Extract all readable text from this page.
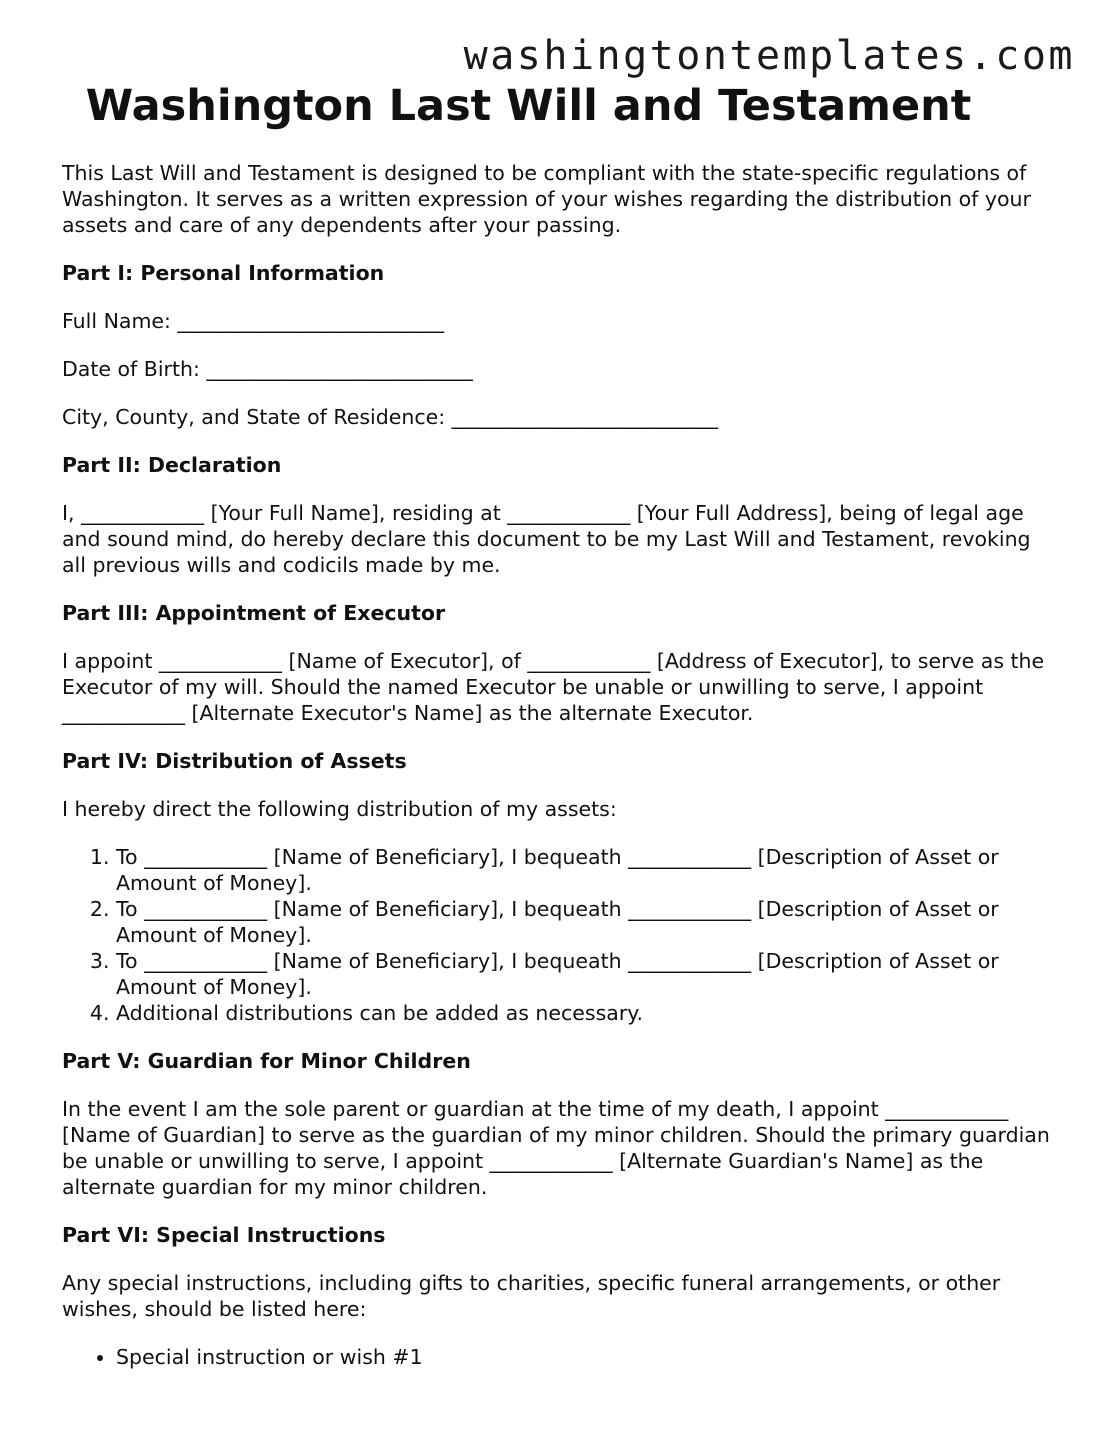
washingtontemplates.com
Washington Last Will and Testament

This Last Will and Testament is designed to be compliant with the state-specific regulations of Washington. It serves as a written expression of your wishes regarding the distribution of your assets and care of any dependents after your passing.

Part I: Personal Information

Full Name: __________________________

Date of Birth: __________________________

City, County, and State of Residence: __________________________

Part II: Declaration

I, ____________ [Your Full Name], residing at ____________ [Your Full Address], being of legal age and sound mind, do hereby declare this document to be my Last Will and Testament, revoking all previous wills and codicils made by me.

Part III: Appointment of Executor

I appoint ____________ [Name of Executor], of ____________ [Address of Executor], to serve as the Executor of my will. Should the named Executor be unable or unwilling to serve, I appoint ____________ [Alternate Executor's Name] as the alternate Executor.

Part IV: Distribution of Assets

I hereby direct the following distribution of my assets:

1. To ____________ [Name of Beneficiary], I bequeath ____________ [Description of Asset or Amount of Money].
2. To ____________ [Name of Beneficiary], I bequeath ____________ [Description of Asset or Amount of Money].
3. To ____________ [Name of Beneficiary], I bequeath ____________ [Description of Asset or Amount of Money].
4. Additional distributions can be added as necessary.
Part V: Guardian for Minor Children

In the event I am the sole parent or guardian at the time of my death, I appoint ____________ [Name of Guardian] to serve as the guardian of my minor children. Should the primary guardian be unable or unwilling to serve, I appoint ____________ [Alternate Guardian's Name] as the alternate guardian for my minor children.

Part VI: Special Instructions

Any special instructions, including gifts to charities, specific funeral arrangements, or other wishes, should be listed here:

• Special instruction or wish #1
